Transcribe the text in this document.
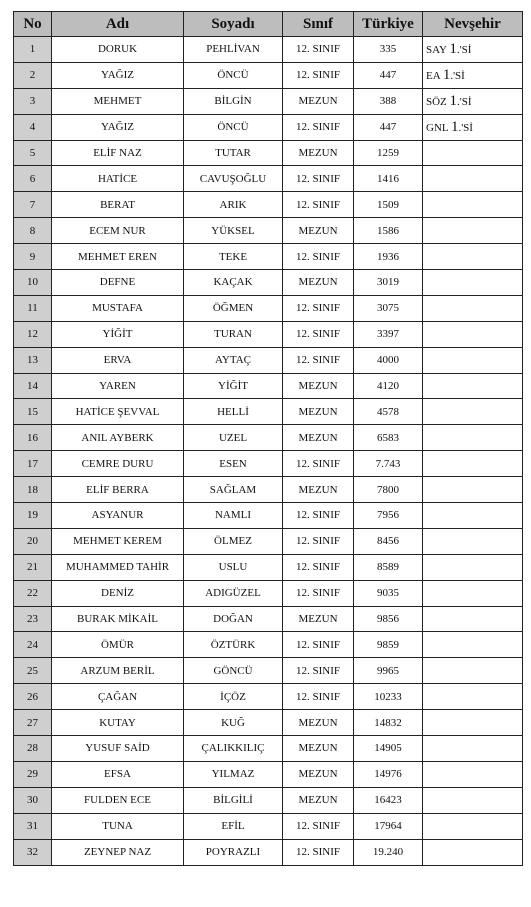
No	Adı	Soyadı	Sınıf	Türkiye	Nevşehir
1	DORUK	PEHLİVAN	12. SINIF	335	SAY 1.'Sİ
2	YAĞIZ	ÖNCÜ	12. SINIF	447	EA 1.'Sİ
3	MEHMET	BİLGİN	MEZUN	388	SÖZ 1.'Sİ
4	YAĞIZ	ÖNCÜ	12. SINIF	447	GNL 1.'Sİ
5	ELİF NAZ	TUTAR	MEZUN	1259	
6	HATİCE	CAVUŞOĞLU	12. SINIF	1416	
7	BERAT	ARIK	12. SINIF	1509	
8	ECEM NUR	YÜKSEL	MEZUN	1586	
9	MEHMET EREN	TEKE	12. SINIF	1936	
10	DEFNE	KAÇAK	MEZUN	3019	
11	MUSTAFA	ÖĞMEN	12. SINIF	3075	
12	YİĞİT	TURAN	12. SINIF	3397	
13	ERVA	AYTAÇ	12. SINIF	4000	
14	YAREN	YİĞİT	MEZUN	4120	
15	HATİCE ŞEVVAL	HELLİ	MEZUN	4578	
16	ANIL AYBERK	UZEL	MEZUN	6583	
17	CEMRE DURU	ESEN	12. SINIF	7.743	
18	ELİF BERRA	SAĞLAM	MEZUN	7800	
19	ASYANUR	NAMLI	12. SINIF	7956	
20	MEHMET KEREM	ÖLMEZ	12. SINIF	8456	
21	MUHAMMED TAHİR	USLU	12. SINIF	8589	
22	DENİZ	ADIGÜZEL	12. SINIF	9035	
23	BURAK MİKAİL	DOĞAN	MEZUN	9856	
24	ÖMÜR	ÖZTÜRK	12. SINIF	9859	
25	ARZUM BERİL	GÖNCÜ	12. SINIF	9965	
26	ÇAĞAN	İÇÖZ	12. SINIF	10233	
27	KUTAY	KUĞ	MEZUN	14832	
28	YUSUF SAİD	ÇALIKKILIÇ	MEZUN	14905	
29	EFSA	YILMAZ	MEZUN	14976	
30	FULDEN ECE	BİLGİLİ	MEZUN	16423	
31	TUNA	EFİL	12. SINIF	17964	
32	ZEYNEP NAZ	POYRAZLI	12. SINIF	19.240	
